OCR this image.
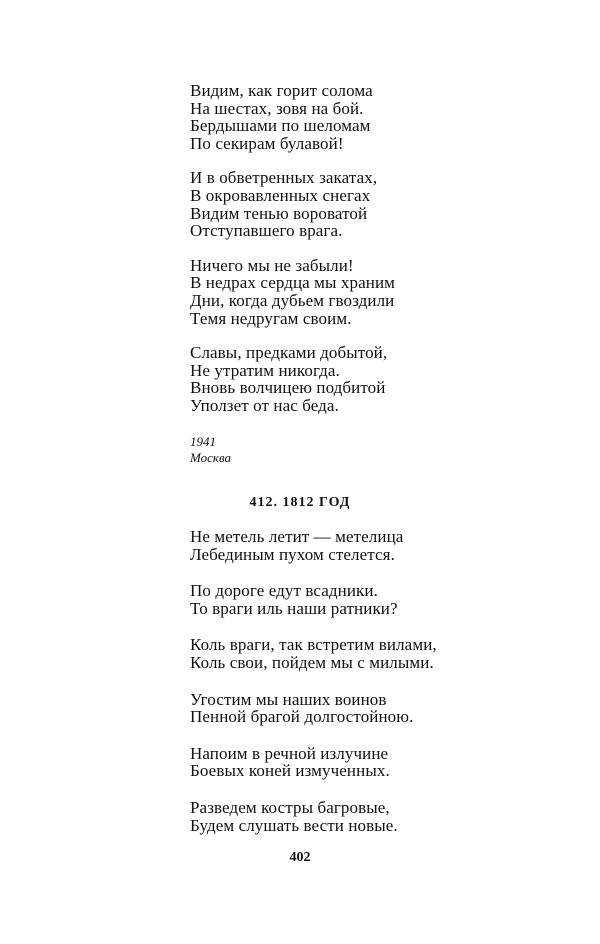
Видим, как горит солома
На шестах, зовя на бой.
Бердышами по шеломам
По секирам булавой!
И в обветренных закатах,
В окровавленных снегах
Видим тенью вороватой
Отступавшего врага.
Ничего мы не забыли!
В недрах сердца мы храним
Дни, когда дубьем гвоздили
Темя недругам своим.
Славы, предками добытой,
Не утратим никогда.
Вновь волчицею подбитой
Уползет от нас беда.
1941
Москва
412. 1812 ГОД
Не метель летит — метелица
Лебединым пухом стелется.
По дороге едут всадники.
То враги иль наши ратники?
Коль враги, так встретим вилами,
Коль свои, пойдем мы с милыми.
Угостим мы наших воинов
Пенной брагой долгостойною.
Напоим в речной излучине
Боевых коней измученных.
Разведем костры багровые,
Будем слушать вести новые.
402
